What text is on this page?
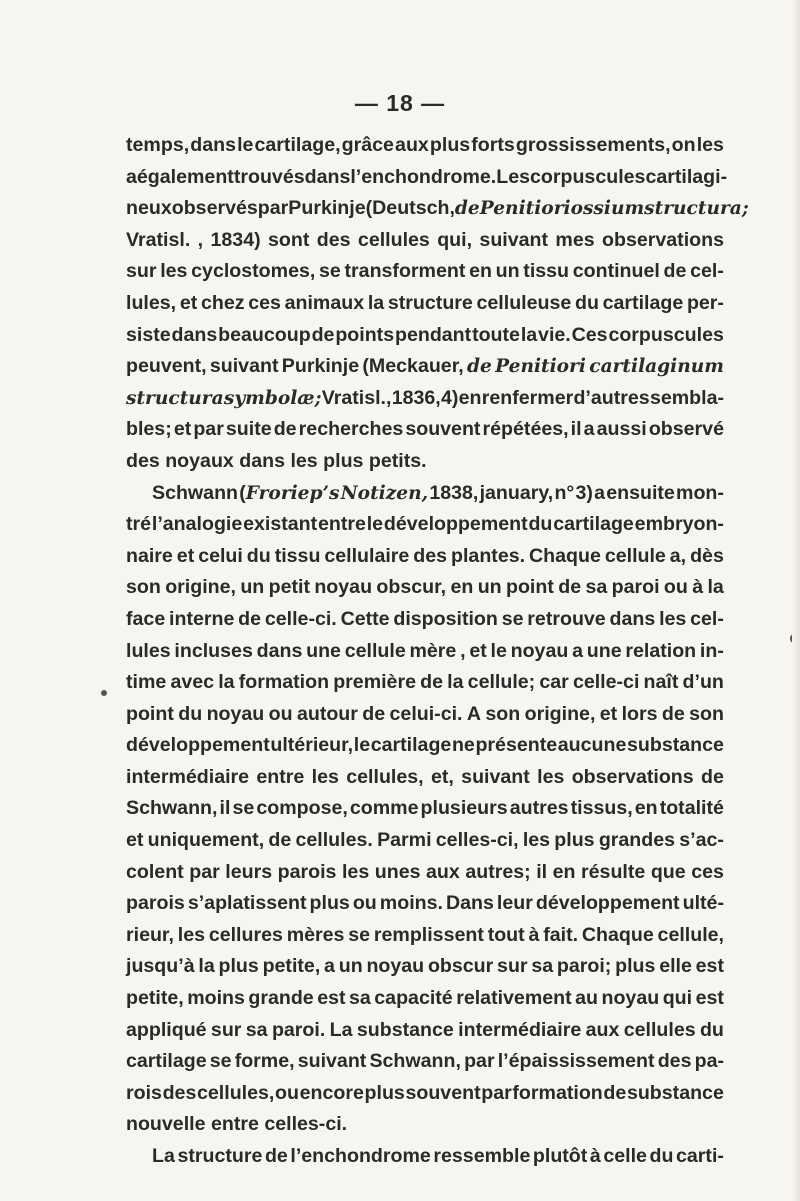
— 18 —
temps, dans le cartilage, grâce aux plus forts grossissements, on les
a également trouvés dans l’enchondrome. Les corpuscules cartilagi-
neux observés par Purkinje (Deutsch, de Penitiori ossium structura;
Vratisl. , 1834) sont des cellules qui, suivant mes observations
sur les cyclostomes, se transforment en un tissu continuel de cel-
lules, et chez ces animaux la structure celluleuse du cartilage per-
siste dans beaucoup de points pendant toute la vie. Ces corpuscules
peuvent, suivant Purkinje (Meckauer, de Penitiori cartilaginum
structura symbolæ; Vratisl., 1836, 4) en renfermer d’autres sembla-
bles; et par suite de recherches souvent répétées, il a aussi observé
des
noyaux
dans
les
plus
petits.

Schwann (Froriep’s Notizen, 1838, january, n° 3) a ensuite mon-
tré l’analogie existant entre le développement du cartilage embryon-
naire et celui du tissu cellulaire des plantes. Chaque cellule a, dès
son origine, un petit noyau obscur, en un point de sa paroi ou à la
face interne de celle-ci. Cette disposition se retrouve dans les cel-
lules incluses dans une cellule mère , et le noyau a une relation in-
time avec la formation première de la cellule; car celle-ci naît d’un
point du noyau ou autour de celui-ci. A son origine, et lors de son
développement ultérieur, le cartilage ne présente aucune substance
intermédiaire entre les cellules, et, suivant les observations de
Schwann, il se compose, comme plusieurs autres tissus, en totalité
et uniquement, de cellules. Parmi celles-ci, les plus grandes s’ac-
colent par leurs parois les unes aux autres; il en résulte que ces
parois s’aplatissent plus ou moins. Dans leur développement ulté-
rieur, les cellures mères se remplissent tout à fait. Chaque cellule,
jusqu’à la plus petite, a un noyau obscur sur sa paroi; plus elle est
petite, moins grande est sa capacité relativement au noyau qui est
appliqué sur sa paroi. La substance intermédiaire aux cellules du
cartilage se forme, suivant Schwann, par l’épaississement des pa-
rois des cellules, ou encore plus souvent par formation de substance
nouvelle
entre
celles-ci.

La structure de l’enchondrome ressemble plutôt à celle du carti-
